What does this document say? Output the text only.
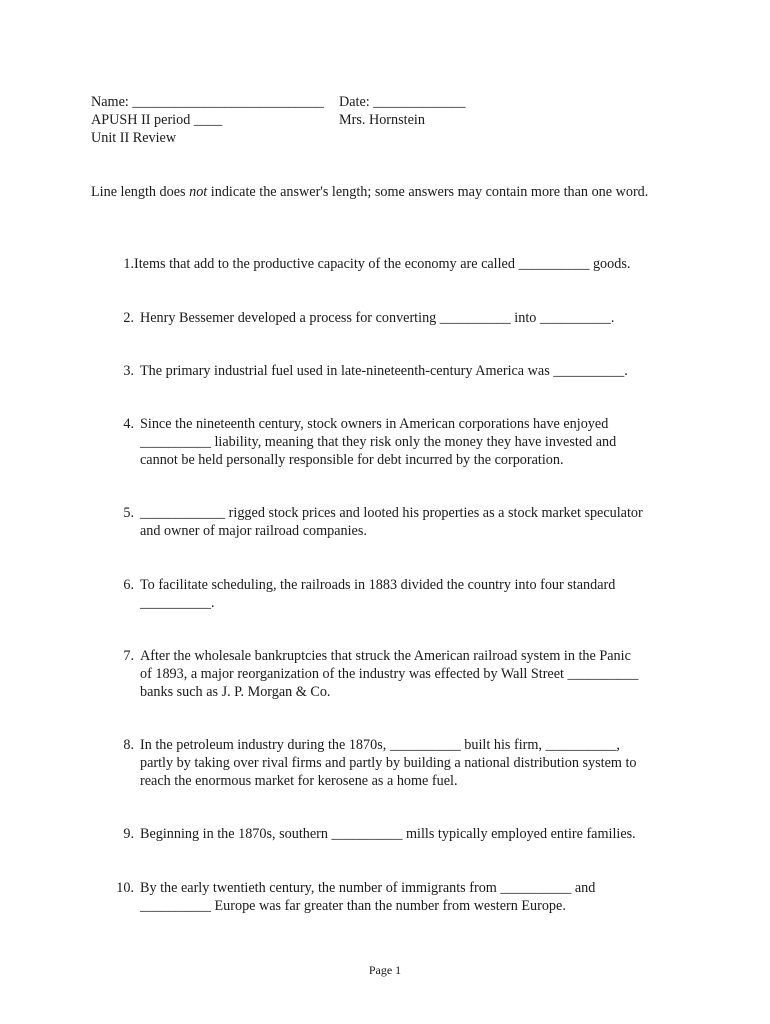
Name: ___________________________	Date: _____________
APUSH II period ____	Mrs. Hornstein
Unit II Review
Line length does not indicate the answer's length; some answers may contain more than one word.
1. Items that add to the productive capacity of the economy are called __________ goods.
2. Henry Bessemer developed a process for converting __________ into __________.
3. The primary industrial fuel used in late-nineteenth-century America was __________.
4. Since the nineteenth century, stock owners in American corporations have enjoyed
__________ liability, meaning that they risk only the money they have invested and
cannot be held personally responsible for debt incurred by the corporation.
5. ____________ rigged stock prices and looted his properties as a stock market speculator
and owner of major railroad companies.
6. To facilitate scheduling, the railroads in 1883 divided the country into four standard
__________.
7. After the wholesale bankruptcies that struck the American railroad system in the Panic
of 1893, a major reorganization of the industry was effected by Wall Street __________
banks such as J. P. Morgan & Co.
8. In the petroleum industry during the 1870s, __________ built his firm, __________,
partly by taking over rival firms and partly by building a national distribution system to
reach the enormous market for kerosene as a home fuel.
9. Beginning in the 1870s, southern __________ mills typically employed entire families.
10. By the early twentieth century, the number of immigrants from __________ and
__________ Europe was far greater than the number from western Europe.
Page 1
